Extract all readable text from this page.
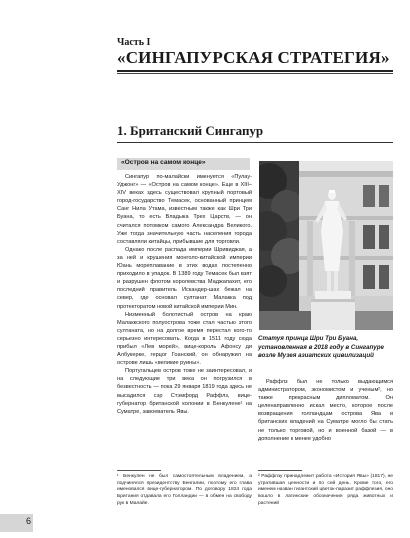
Часть I
«СИНГАПУРСКАЯ СТРАТЕГИЯ»
1. Британский Сингапур
«Остров на самом конце»
Сингапур по-малайски именуется «Пулау-Уджонг» — «Остров на самом конце». Еще в XIII–XIV веках здесь существовал крупный портовый город-государство Темасек, основанный принцем Санг Нила Утама, известным также как Шри Три Буана, то есть Владыка Трех Царств, — он считался потомком самого Александра Великого. Уже тогда значительную часть населения города составляли китайцы, прибывшие для торговли.
Однако после распада империи Шривиджая, а за ней и крушения монголо-китайской империи Юань мореплавание в этих водах постепенно приходило в упадок. В 1389 году Темасек был взят и разрушен флотом королевства Маджапахит, его последний правитель Искандер-шах бежал на север, где основал султанат Малакка под протекторатом новой китайской империи Мин.
Низменный болотистый остров на краю Малаккского полуострова тоже стал частью этого султаната, но на долгое время перестал кого-то серьезно интересовать. Когда в 1511 году сюда прибыл «Лев морей», вице-король Афонсу ди Албукерке, герцог Гоанский, он обнаружил на острове лишь «великие руины».
Португальцев остров тоже не заинтересовал, и на следующие три века он погрузился в безвестность — пока 29 января 1819 года здесь не высадился сэр Стэмфорд Раффлз, вице-губернатор британской колонии в Бенкулене¹ на Суматре, завоеватель Явы.
Статуя принца Шри Три Буана, установленная в 2018 году в Сингапуре возле Музея азиатских цивилизаций
Раффлз был не только выдающимся администратором, экономистом и ученым², но также прекрасным дипломатом. Он целенаправленно искал место, которое после возвращения голландцам острова Ява и британских владений на Суматре могло бы стать не только торговой, но и военной базой — в дополнение к менее удобно
¹ Бенкулен не был самостоятельным владением, а подчинялся президентству Бенгалии, поэтому его глава именовался вице-губернатором. По договору 1824 года Британия отдавала его Голландии — в обмен на свободу рук в Малайе.
² Раффлзу принадлежит работа «История Явы» (1817), не утратившая ценности и по сей день. Кроме того, его именем назван гигантский цветок-паразит раффлезия, оно вошло в латинские обозначения ряда животных и растений
6
